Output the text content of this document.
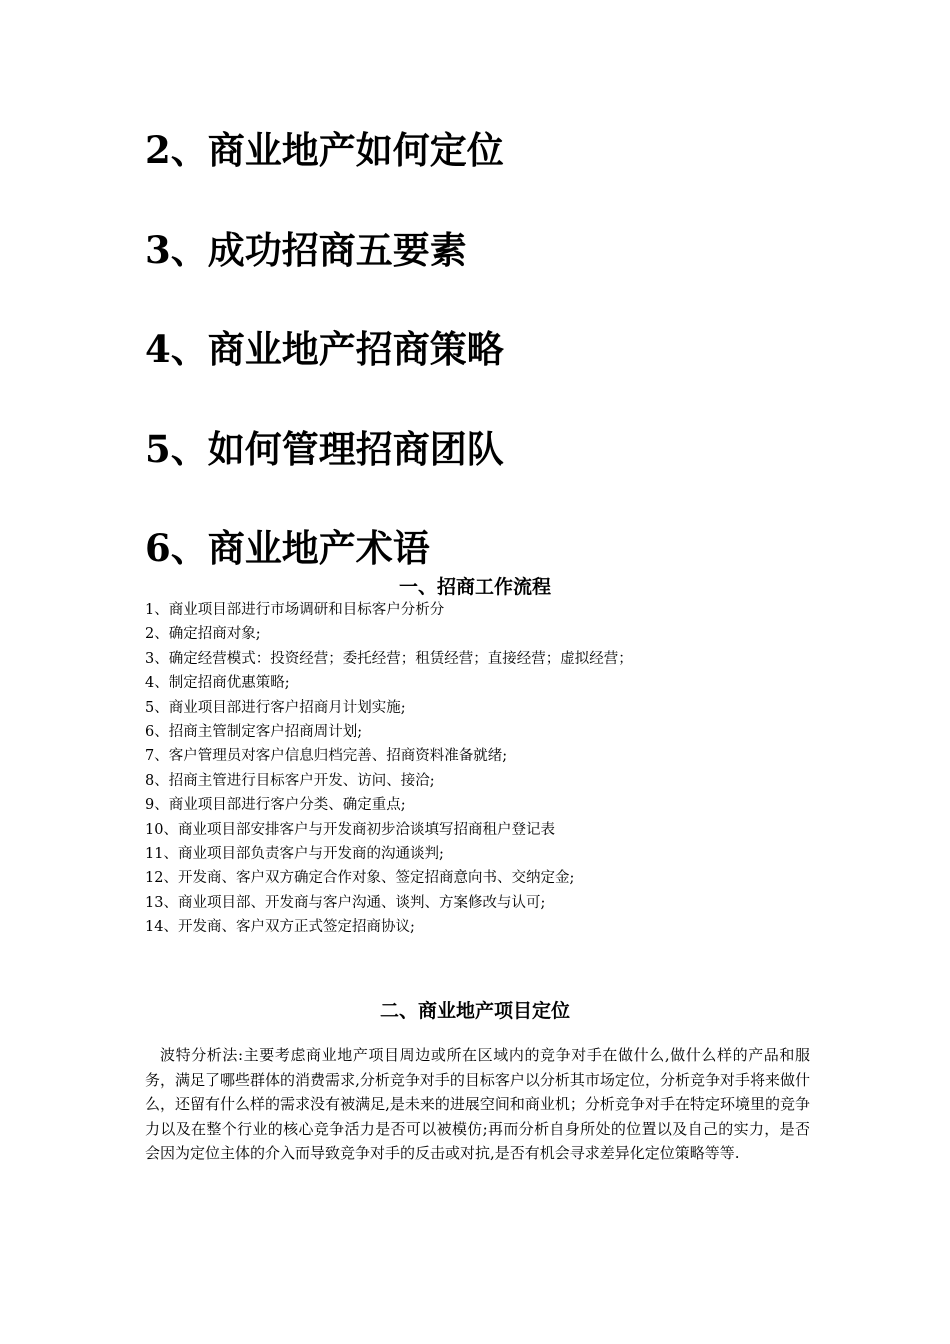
2、商业地产如何定位
3、成功招商五要素
4、商业地产招商策略
5、如何管理招商团队
6、商业地产术语
一、招商工作流程
1、商业项目部进行市场调研和目标客户分析分
2、确定招商对象;
3、确定经营模式：投资经营；委托经营；租赁经营；直接经营；虚拟经营；
4、制定招商优惠策略;
5、商业项目部进行客户招商月计划实施;
6、招商主管制定客户招商周计划;
7、客户管理员对客户信息归档完善、招商资料准备就绪;
8、招商主管进行目标客户开发、访问、接洽;
9、商业项目部进行客户分类、确定重点;
10、商业项目部安排客户与开发商初步洽谈填写招商租户登记表
11、商业项目部负责客户与开发商的沟通谈判;
12、开发商、客户双方确定合作对象、签定招商意向书、交纳定金;
13、商业项目部、开发商与客户沟通、谈判、方案修改与认可;
14、开发商、客户双方正式签定招商协议;
二、商业地产项目定位

波特分析法:主要考虑商业地产项目周边或所在区域内的竞争对手在做什么,做什么样的产品和服务，满足了哪些群体的消费需求,分析竞争对手的目标客户以分析其市场定位，分析竞争对手将来做什么，还留有什么样的需求没有被满足,是未来的进展空间和商业机；分析竞争对手在特定环境里的竞争力以及在整个行业的核心竞争活力是否可以被模仿;再而分析自身所处的位置以及自己的实力，是否会因为定位主体的介入而导致竞争对手的反击或对抗,是否有机会寻求差异化定位策略等等.
